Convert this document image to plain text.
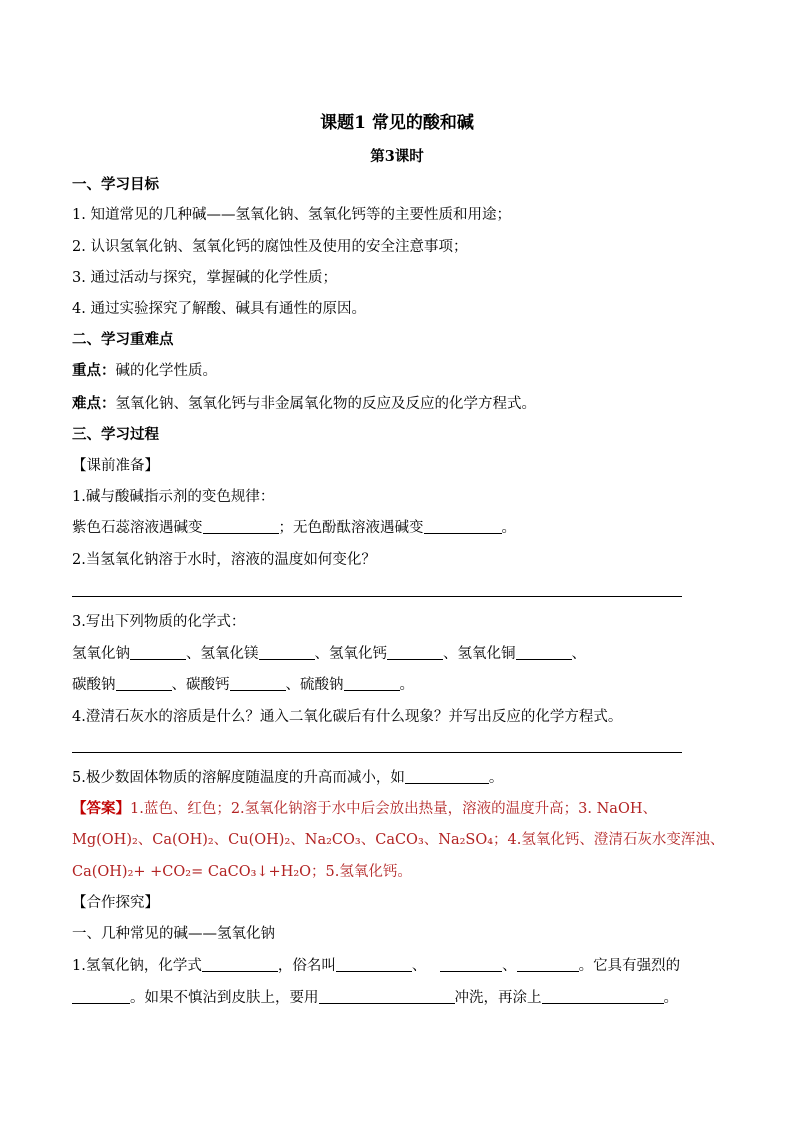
课题1 常见的酸和碱
第3课时
一、学习目标
1. 知道常见的几种碱——氢氧化钠、氢氧化钙等的主要性质和用途；
2. 认识氢氧化钠、氢氧化钙的腐蚀性及使用的安全注意事项；
3. 通过活动与探究，掌握碱的化学性质；
4. 通过实验探究了解酸、碱具有通性的原因。
二、学习重难点
重点：碱的化学性质。
难点：氢氧化钠、氢氧化钙与非金属氧化物的反应及反应的化学方程式。
三、学习过程
【课前准备】
1.碱与酸碱指示剂的变色规律：
紫色石蕊溶液遇碱变	；无色酚酞溶液遇碱变	。
2.当氢氧化钠溶于水时，溶液的温度如何变化？
3.写出下列物质的化学式：
氢氧化钠	、氢氧化镁	、氢氧化钙	、氢氧化铜	、
碳酸钠	、碳酸钙	、硫酸钠	。
4.澄清石灰水的溶质是什么？通入二氧化碳后有什么现象？并写出反应的化学方程式。
5.极少数固体物质的溶解度随温度的升高而减小，如	。
【答案】1.蓝色、红色；2.氢氧化钠溶于水中后会放出热量，溶液的温度升高；3. NaOH、
Mg(OH)₂、Ca(OH)₂、Cu(OH)₂、Na₂CO₃、CaCO₃、Na₂SO₄；4.氢氧化钙、澄清石灰水变浑浊、
Ca(OH)₂+ +CO₂= CaCO₃↓+H₂O；5.氢氧化钙。
【合作探究】
一、几种常见的碱——氢氧化钠
1.氢氧化钠，化学式	，俗名叫	、	、	。它具有强烈的
。如果不慎沾到皮肤上，要用	冲洗，再涂上	。
